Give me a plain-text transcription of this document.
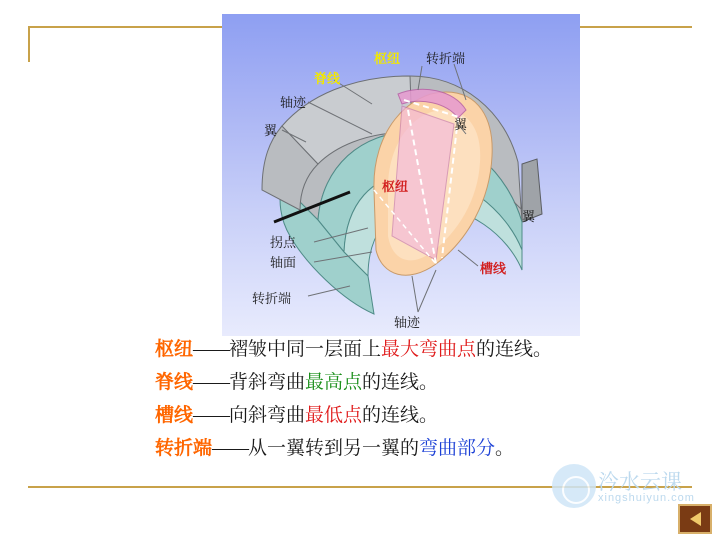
枢纽 转折端
脊线
轴迹
翼	翼
枢纽
翼
拐点
轴面	槽线
转折端
轴迹
枢纽——褶皱中同一层面上最大弯曲点的连线。
脊线——背斜弯曲最高点的连线。
槽线——向斜弯曲最低点的连线。
转折端——从一翼转到另一翼的弯曲部分。
汵水云课
xingshuiyun.com
